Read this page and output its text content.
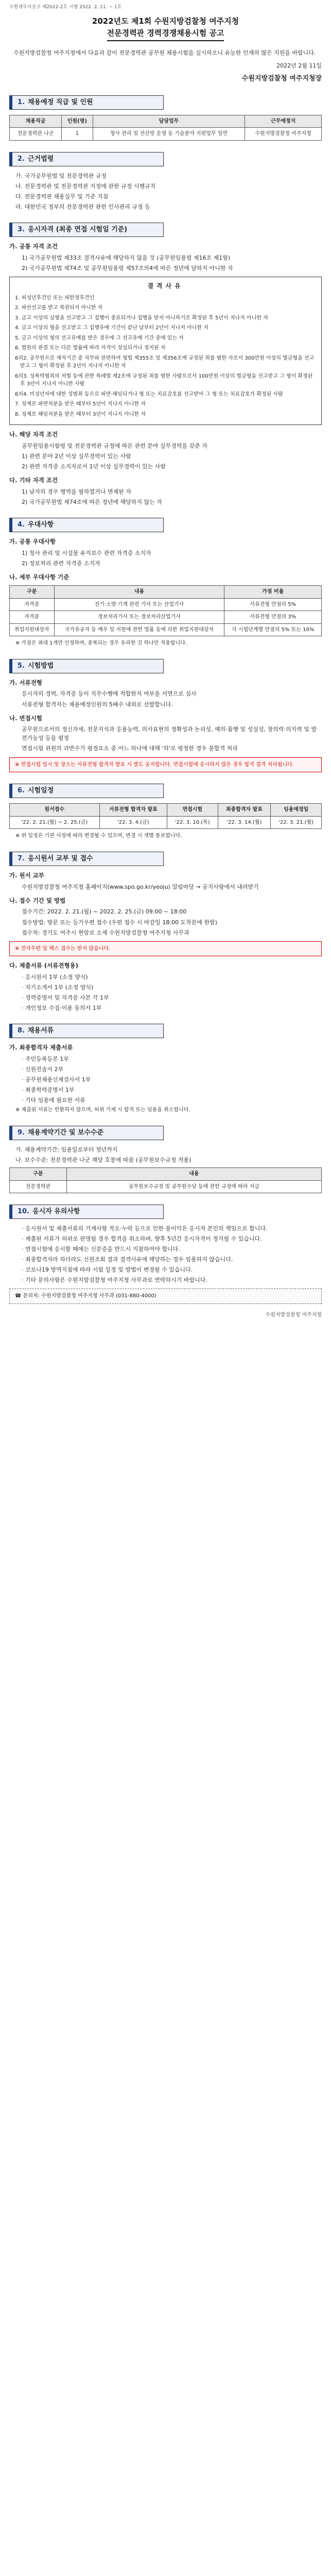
수원세무서공고 제2022-2호 시행 2022. 2. 11. ~ 1호
2022년도 제1회 수원지방검찰청 여주지청
전문경력관 경력경쟁채용시험 공고
수원지방검찰청 여주지청에서 다음과 같이 전문경력관 공무원 채용시험을 실시하오니 유능한 인재의 많은 지원을 바랍니다.
2022년 2월 11일
수원지방검찰청 여주지청장
1. 채용예정 직급 및 인원
채용직급	인원(명)	담당업무	근무예정지
전문경력관 나군	1	청사 관리 및 전산망 운영 등 기술분야 지원업무 일반	수원지방검찰청 여주지청
2. 근거법령
가. 국가공무원법 및 전문경력관 규정
나. 전문경력관 및 전문경력관 지정에 관한 규정 시행규칙
다. 전문경력관 채용실무 및 기준 지침
라. 대한민국 정부의 전문경력관 관련 인사관리 규정 등
3. 응시자격 (최종 면접 시험일 기준)
가. 공통 자격 조건
1) 국가공무원법 제33조 결격사유에 해당하지 않을 것 (공무원임용령 제16조 제1항)
2) 국가공무원법 제74조 및 공무원임용령 제57조의4에 따른 정년에 달하지 아니한 자
결격사유
1. 피성년후견인 또는 피한정후견인
2. 파산선고를 받고 복권되지 아니한 자
3. 금고 이상의 실형을 선고받고 그 집행이 종료되거나 집행을 받지 아니하기로 확정된 후 5년이 지나지 아니한 자
4. 금고 이상의 형을 선고받고 그 집행유예 기간이 끝난 날부터 2년이 지나지 아니한 자
5. 금고 이상의 형의 선고유예를 받은 경우에 그 선고유예 기간 중에 있는 자
6. 법원의 판결 또는 다른 법률에 따라 자격이 상실되거나 정지된 자
6의2. 공무원으로 재직기간 중 직무와 관련하여 형법 제355조 및 제356조에 규정된 죄를 범한 자로서 300만원 이상의 벌금형을 선고받고 그 형이 확정된 후 2년이 지나지 아니한 자
6의3. 성폭력범죄의 처벌 등에 관한 특례법 제2조에 규정된 죄를 범한 사람으로서 100만원 이상의 벌금형을 선고받고 그 형이 확정된 후 3년이 지나지 아니한 사람
6의4. 미성년자에 대한 성범죄 등으로 파면·해임되거나 형 또는 치료감호를 선고받아 그 형 또는 치료감호가 확정된 사람
7. 징계로 파면처분을 받은 때부터 5년이 지나지 아니한 자
8. 징계로 해임처분을 받은 때부터 3년이 지나지 아니한 자
나. 해당 자격 조건
공무원임용시험령 및 전문경력관 규정에 따른 관련 분야 실무경력을 갖춘 자
1) 관련 분야 2년 이상 실무경력이 있는 사람
2) 관련 자격증 소지자로서 1년 이상 실무경력이 있는 사람
다. 기타 자격 조건
1) 남자의 경우 병역을 필하였거나 면제된 자
2) 국가공무원법 제74조에 따른 정년에 해당하지 않는 자
4. 우대사항
가. 공통 우대사항
1) 청사 관리 및 시설물 유지보수 관련 자격증 소지자
2) 정보처리 관련 자격증 소지자
나. 세부 우대사항 기준
구분	내용	가점 비율
자격증	전기·소방·기계 관련 기사 또는 산업기사	서류전형 만점의 5%
자격증	정보처리기사 또는 정보처리산업기사	서류전형 만점의 3%
취업지원대상자	국가유공자 등 예우 및 지원에 관한 법률 등에 의한 취업지원대상자	각 시험단계별 만점의 5% 또는 10%
※ 가점은 최대 1개만 인정하며, 중복되는 경우 유리한 것 하나만 적용합니다.
5. 시험방법
가. 서류전형
응시자의 경력, 자격증 등이 직무수행에 적합한지 여부를 서면으로 심사
서류전형 합격자는 채용예정인원의 5배수 내외로 선발합니다.
나. 면접시험
공무원으로서의 정신자세, 전문지식과 응용능력, 의사표현의 정확성과 논리성, 예의·품행 및 성실성, 창의력·의지력 및 발전가능성 등을 평정
면접시험 위원의 과반수가 평정요소 중 어느 하나에 대해 '하'로 평정한 경우 불합격 처리
※ 면접시험 일시 및 장소는 서류전형 합격자 발표 시 별도 공지합니다. 면접시험에 응시하지 않은 경우 합격 결격 처리됩니다.
6. 시험일정
원서접수	서류전형 합격자 발표	면접시험	최종합격자 발표	임용예정일
'22. 2. 21.(월) ~ 2. 25.(금)	'22. 3. 4.(금)	'22. 3. 10.(목)	'22. 3. 14.(월)	'22. 3. 21.(월)
※ 위 일정은 기관 사정에 따라 변경될 수 있으며, 변경 시 개별 통보합니다.
7. 응시원서 교부 및 접수
가. 원서 교부
수원지방검찰청 여주지청 홈페이지(www.spo.go.kr/yeoju) 알림마당 → 공지사항에서 내려받기
나. 접수 기간 및 방법
접수기간: 2022. 2. 21.(월) ~ 2022. 2. 25.(금) 09:00 ~ 18:00
접수방법: 방문 또는 등기우편 접수 (우편 접수 시 마감일 18:00 도착분에 한함)
접수처: 경기도 여주시 현암로 소재 수원지방검찰청 여주지청 사무과
※ 전자우편 및 팩스 접수는 받지 않습니다.
다. 제출서류 (서류전형용)
· 응시원서 1부 (소정 양식)
· 자기소개서 1부 (소정 양식)
· 경력증명서 및 자격증 사본 각 1부
· 개인정보 수집·이용 동의서 1부
8. 채용서류
가. 최종합격자 제출서류
· 주민등록등본 1부
· 신원진술서 2부
· 공무원채용신체검사서 1부
· 최종학력증명서 1부
· 기타 임용에 필요한 서류
※ 제출된 서류는 반환하지 않으며, 허위 기재 시 합격 또는 임용을 취소합니다.
9. 채용계약기간 및 보수수준
가. 채용계약기간: 임용일로부터 정년까지
나. 보수수준: 전문경력관 나군 해당 호봉에 따름 (공무원보수규정 적용)
구분	내용
전문경력관	공무원보수규정 및 공무원수당 등에 관한 규정에 따라 지급
10. 응시자 유의사항
· 응시원서 및 제출서류의 기재사항 착오·누락 등으로 인한 불이익은 응시자 본인의 책임으로 합니다.
· 제출된 서류가 허위로 판명될 경우 합격을 취소하며, 향후 5년간 응시자격이 정지될 수 있습니다.
· 면접시험에 응시할 때에는 신분증을 반드시 지참하여야 합니다.
· 최종합격자라 하더라도 신원조회 결과 결격사유에 해당하는 경우 임용하지 않습니다.
· 코로나19 방역지침에 따라 시험 일정 및 방법이 변경될 수 있습니다.
· 기타 문의사항은 수원지방검찰청 여주지청 사무과로 연락하시기 바랍니다.
☎ 문의처: 수원지방검찰청 여주지청 사무과 (031-880-4000)
수원지방검찰청 여주지청
